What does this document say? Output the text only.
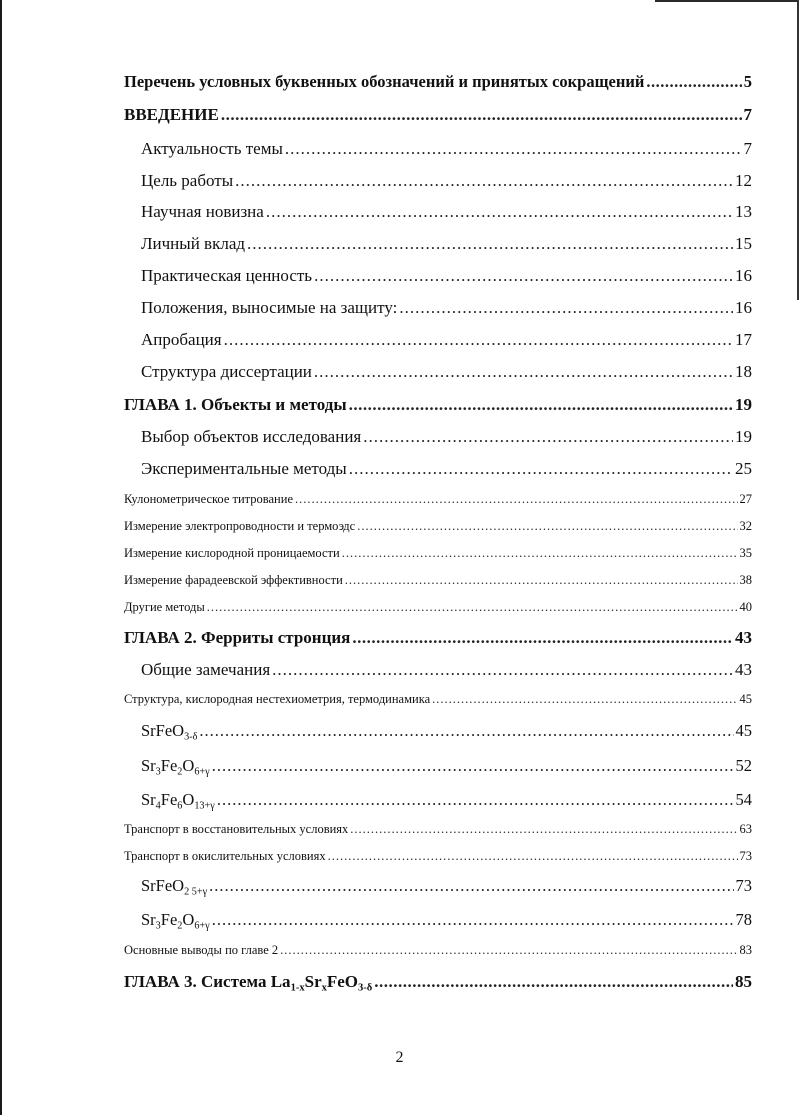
Перечень условных буквенных обозначений и принятых сокращений .....	5
ВВЕДЕНИЕ .....	7
Актуальность темы .....	7
Цель работы .....	12
Научная новизна .....	13
Личный вклад .....	15
Практическая ценность .....	16
Положения, выносимые на защиту: .....	16
Апробация .....	17
Структура диссертации .....	18
ГЛАВА 1. Объекты и методы .....	19
Выбор объектов исследования .....	19
Экспериментальные методы .....	25
Кулонометрическое титрование .....	27
Измерение электропроводности и термоэдс .....	32
Измерение кислородной проницаемости .....	35
Измерение фарадеевской эффективности .....	38
Другие методы .....	40
ГЛАВА 2. Ферриты стронция .....	43
Общие замечания .....	43
Структура, кислородная нестехиометрия, термодинамика .....	45
SrFeO$_{3-\delta}$ .....	45
$Sr_3Fe_2O_{6+\gamma}$ .....	52
$Sr_4Fe_6O_{13+\gamma}$ .....	54
Транспорт в восстановительных условиях .....	63
Транспорт в окислительных условиях .....	73
SrFeO$_{2 5+\gamma}$ .....	73
$Sr_3Fe_2O_{6+\gamma}$ .....	78
Основные выводы по главе 2 .....	83
ГЛАВА 3. Система $La_{1-x}Sr_xFeO_{3-\delta}$ .....	85
2
